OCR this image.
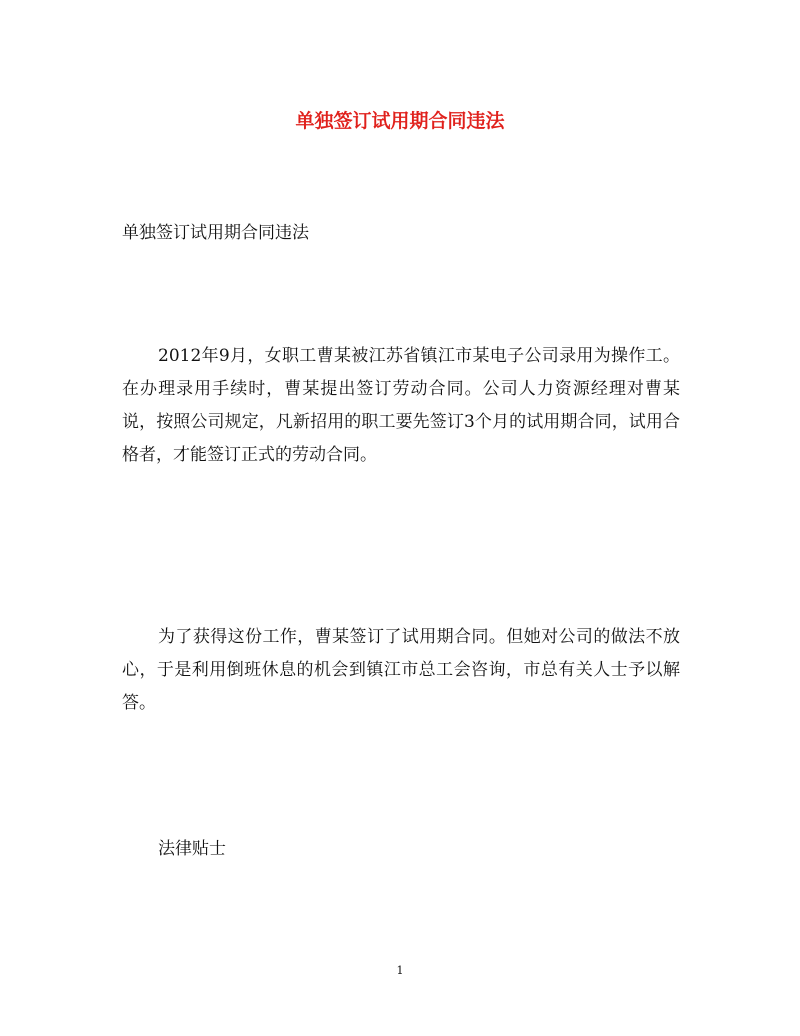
单独签订试用期合同违法

单独签订试用期合同违法

2012年9月，女职工曹某被江苏省镇江市某电子公司录用为操作工。在办理录用手续时，曹某提出签订劳动合同。公司人力资源经理对曹某说，按照公司规定，凡新招用的职工要先签订3个月的试用期合同，试用合格者，才能签订正式的劳动合同。

为了获得这份工作，曹某签订了试用期合同。但她对公司的做法不放心，于是利用倒班休息的机会到镇江市总工会咨询，市总有关人士予以解答。

法律贴士

1
